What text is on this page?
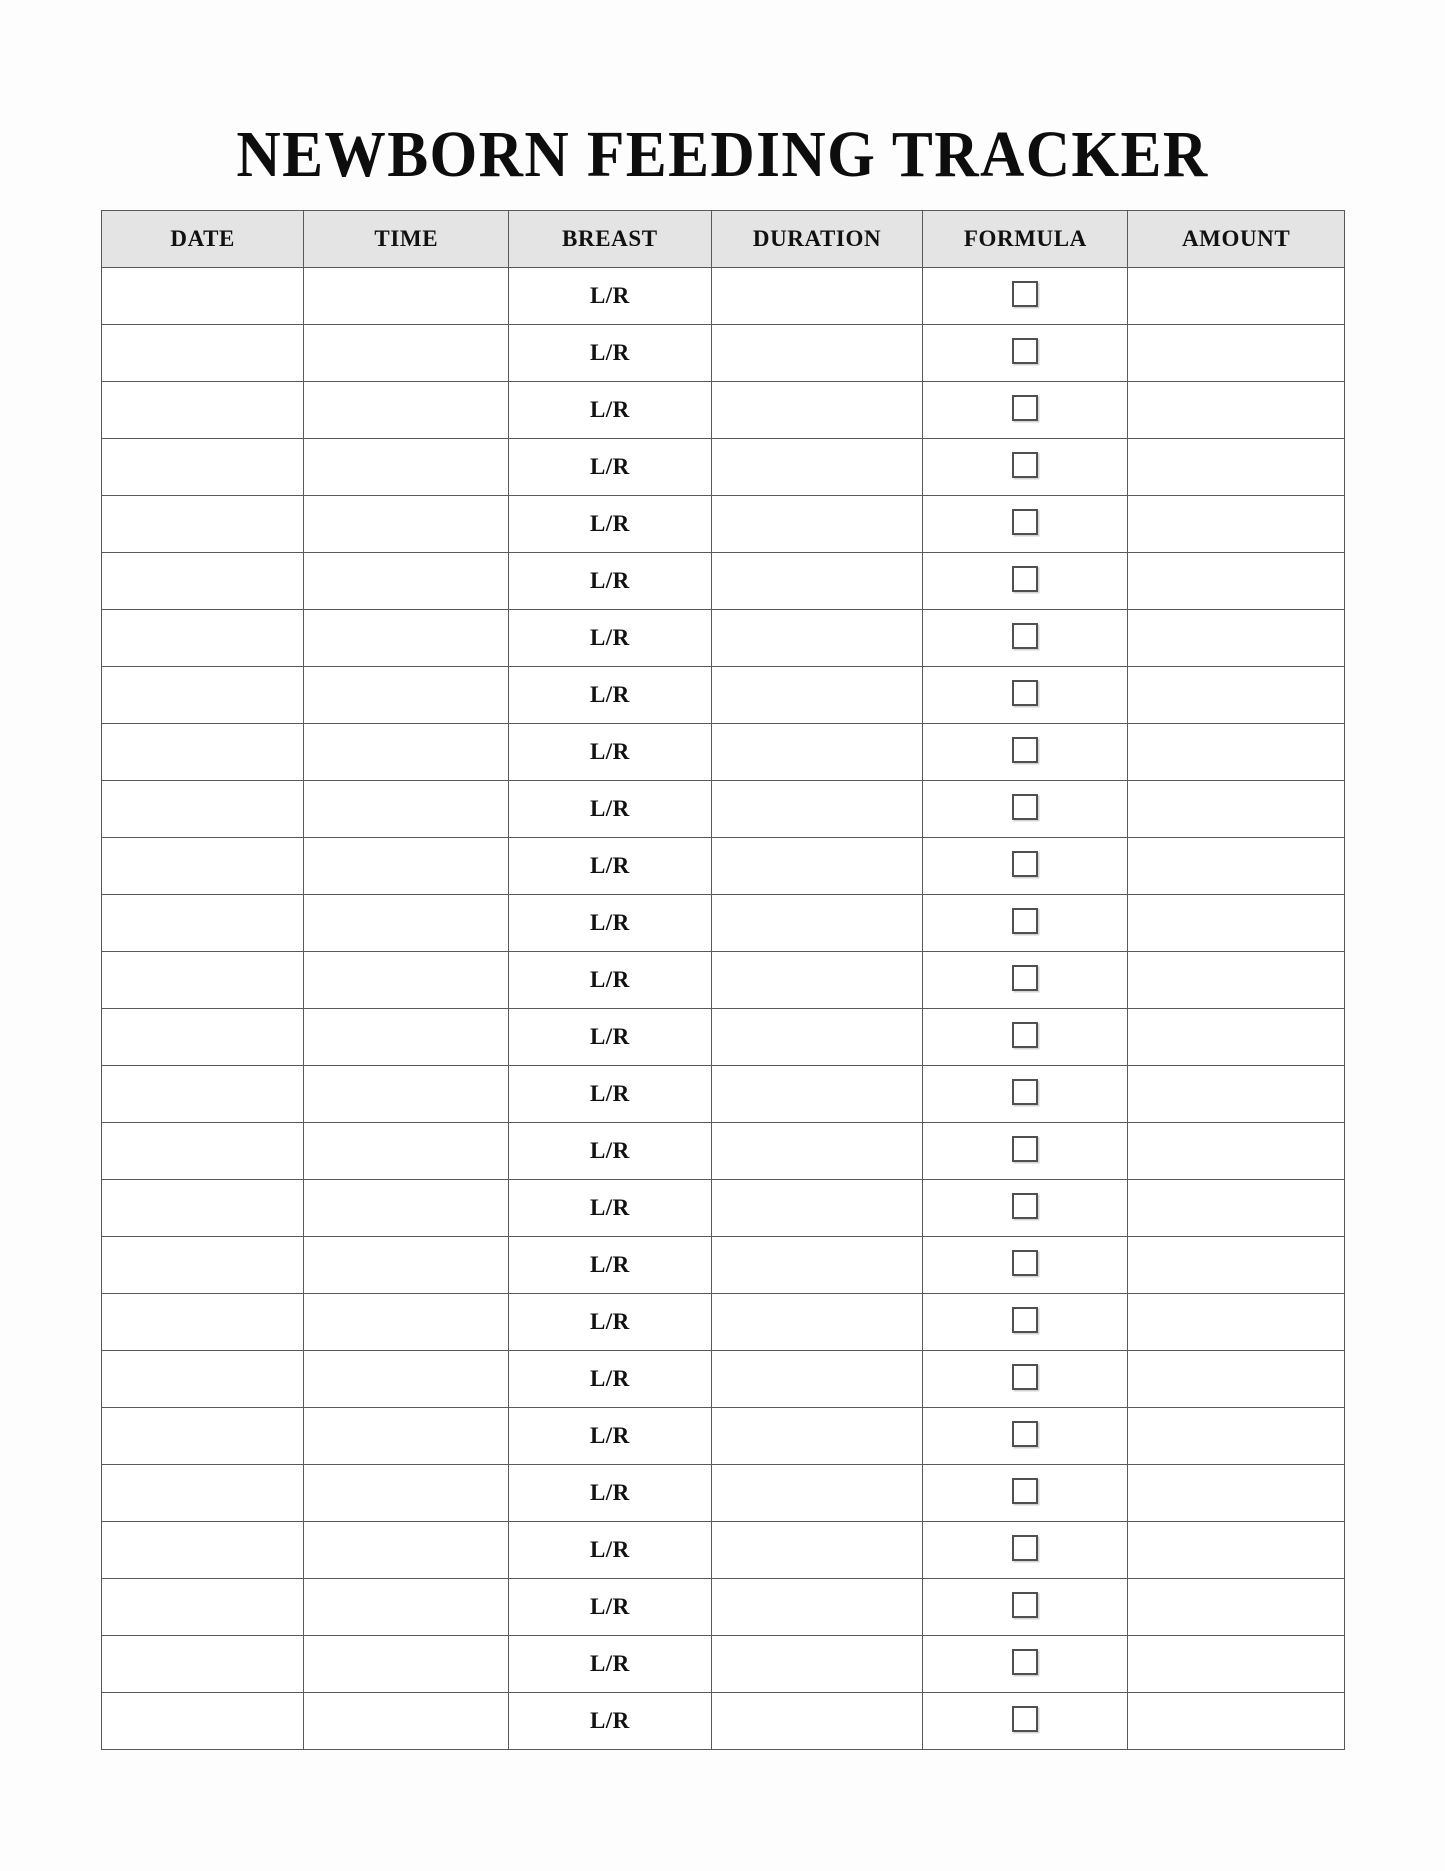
NEWBORN FEEDING TRACKER
DATE	TIME	BREAST	DURATION	FORMULA	AMOUNT
		L/R			
		L/R			
		L/R			
		L/R			
		L/R			
		L/R			
		L/R			
		L/R			
		L/R			
		L/R			
		L/R			
		L/R			
		L/R			
		L/R			
		L/R			
		L/R			
		L/R			
		L/R			
		L/R			
		L/R			
		L/R			
		L/R			
		L/R			
		L/R			
		L/R			
		L/R			
